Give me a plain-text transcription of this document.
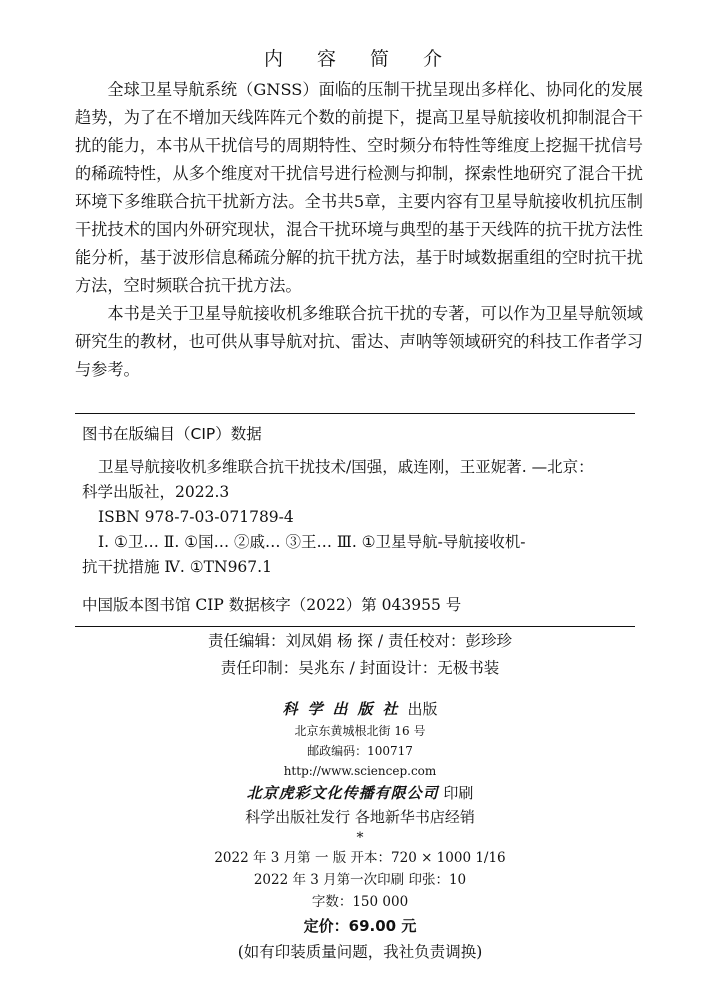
内 容 简 介

全球卫星导航系统（GNSS）面临的压制干扰呈现出多样化、协同化的发展趋势，为了在不增加天线阵阵元个数的前提下，提高卫星导航接收机抑制混合干扰的能力，本书从干扰信号的周期特性、空时频分布特性等维度上挖掘干扰信号的稀疏特性，从多个维度对干扰信号进行检测与抑制，探索性地研究了混合干扰环境下多维联合抗干扰新方法。全书共5章，主要内容有卫星导航接收机抗压制干扰技术的国内外研究现状，混合干扰环境与典型的基于天线阵的抗干扰方法性能分析，基于波形信息稀疏分解的抗干扰方法，基于时域数据重组的空时抗干扰方法，空时频联合抗干扰方法。

本书是关于卫星导航接收机多维联合抗干扰的专著，可以作为卫星导航领域研究生的教材，也可供从事导航对抗、雷达、声呐等领域研究的科技工作者学习与参考。

图书在版编目（CIP）数据
卫星导航接收机多维联合抗干扰技术/国强，戚连刚，王亚妮著. —北京：
科学出版社，2022.3
ISBN 978-7-03-071789-4
Ⅰ. ①卫… Ⅱ. ①国… ②戚… ③王… Ⅲ. ①卫星导航-导航接收机-
抗干扰措施 Ⅳ. ①TN967.1
中国版本图书馆 CIP 数据核字（2022）第 043955 号
责任编辑：刘凤娟 杨 探 / 责任校对：彭珍珍
责任印制：吴兆东 / 封面设计：无极书装
科学出版社出版
北京东黄城根北街 16 号
邮政编码：100717
http://www.sciencep.com
北京虎彩文化传播有限公司 印刷
科学出版社发行 各地新华书店经销
*
2022 年 3 月第 一 版 开本：720 × 1000 1/16
2022 年 3 月第一次印刷 印张：10
字数：150 000
定价：69.00 元
(如有印装质量问题，我社负责调换)
